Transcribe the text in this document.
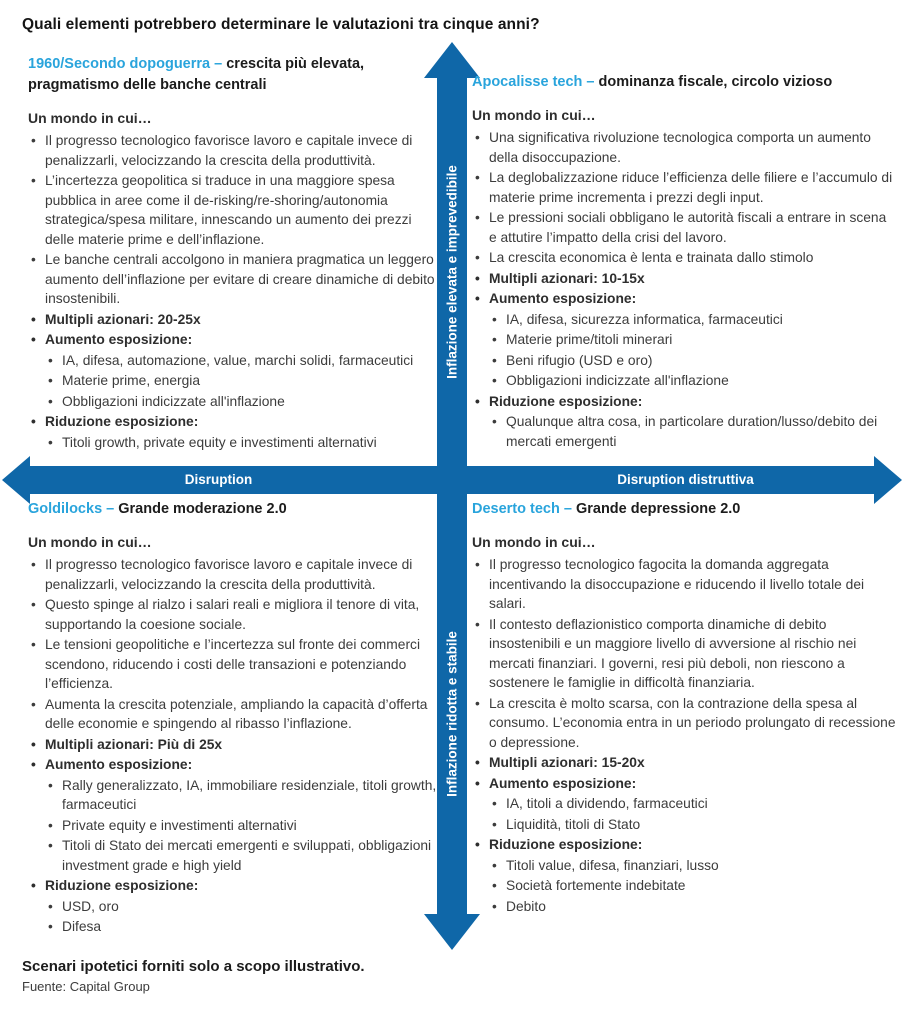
Quali elementi potrebbero determinare le valutazioni tra cinque anni?
Inflazione elevata e imprevedibile
Inflazione ridotta e stabile
Disruption	Disruption distruttiva
1960/Secondo dopoguerra – crescita più elevata, pragmatismo delle banche centrali

Un mondo in cui…

• Il progresso tecnologico favorisce lavoro e capitale invece di penalizzarli, velocizzando la crescita della produttività.
• L’incertezza geopolitica si traduce in una maggiore spesa pubblica in aree come il de-risking/re-shoring/autonomia strategica/spesa militare, innescando un aumento dei prezzi delle materie prime e dell’inflazione.
• Le banche centrali accolgono in maniera pragmatica un leggero aumento dell’inflazione per evitare di creare dinamiche di debito insostenibili.
• Multipli azionari: 20-25x
• Aumento esposizione:
• IA, difesa, automazione, value, marchi solidi, farmaceutici
• Materie prime, energia
• Obbligazioni indicizzate all'inflazione
• Riduzione esposizione:
• Titoli growth, private equity e investimenti alternativi
Apocalisse tech – dominanza fiscale, circolo vizioso

Un mondo in cui…

• Una significativa rivoluzione tecnologica comporta un aumento della disoccupazione.
• La deglobalizzazione riduce l’efficienza delle filiere e l’accumulo di materie prime incrementa i prezzi degli input.
• Le pressioni sociali obbligano le autorità fiscali a entrare in scena e attutire l’impatto della crisi del lavoro.
• La crescita economica è lenta e trainata dallo stimolo
• Multipli azionari: 10-15x
• Aumento esposizione:
• IA, difesa, sicurezza informatica, farmaceutici
• Materie prime/titoli minerari
• Beni rifugio (USD e oro)
• Obbligazioni indicizzate all'inflazione
• Riduzione esposizione:
• Qualunque altra cosa, in particolare duration/lusso/debito dei mercati emergenti
Goldilocks – Grande moderazione 2.0

Un mondo in cui…

• Il progresso tecnologico favorisce lavoro e capitale invece di penalizzarli, velocizzando la crescita della produttività.
• Questo spinge al rialzo i salari reali e migliora il tenore di vita, supportando la coesione sociale.
• Le tensioni geopolitiche e l’incertezza sul fronte dei commerci scendono, riducendo i costi delle transazioni e potenziando l’efficienza.
• Aumenta la crescita potenziale, ampliando la capacità d’offerta delle economie e spingendo al ribasso l’inflazione.
• Multipli azionari: Più di 25x
• Aumento esposizione:
• Rally generalizzato, IA, immobiliare residenziale, titoli growth, farmaceutici
• Private equity e investimenti alternativi
• Titoli di Stato dei mercati emergenti e sviluppati, obbligazioni investment grade e high yield
• Riduzione esposizione:
• USD, oro
• Difesa
Deserto tech – Grande depressione 2.0

Un mondo in cui…

• Il progresso tecnologico fagocita la domanda aggregata incentivando la disoccupazione e riducendo il livello totale dei salari.
• Il contesto deflazionistico comporta dinamiche di debito insostenibili e un maggiore livello di avversione al rischio nei mercati finanziari. I governi, resi più deboli, non riescono a sostenere le famiglie in difficoltà finanziaria.
• La crescita è molto scarsa, con la contrazione della spesa al consumo. L’economia entra in un periodo prolungato di recessione o depressione.
• Multipli azionari: 15-20x
• Aumento esposizione:
• IA, titoli a dividendo, farmaceutici
• Liquidità, titoli di Stato
• Riduzione esposizione:
• Titoli value, difesa, finanziari, lusso
• Società fortemente indebitate
• Debito

Scenari ipotetici forniti solo a scopo illustrativo.

Fuente: Capital Group
